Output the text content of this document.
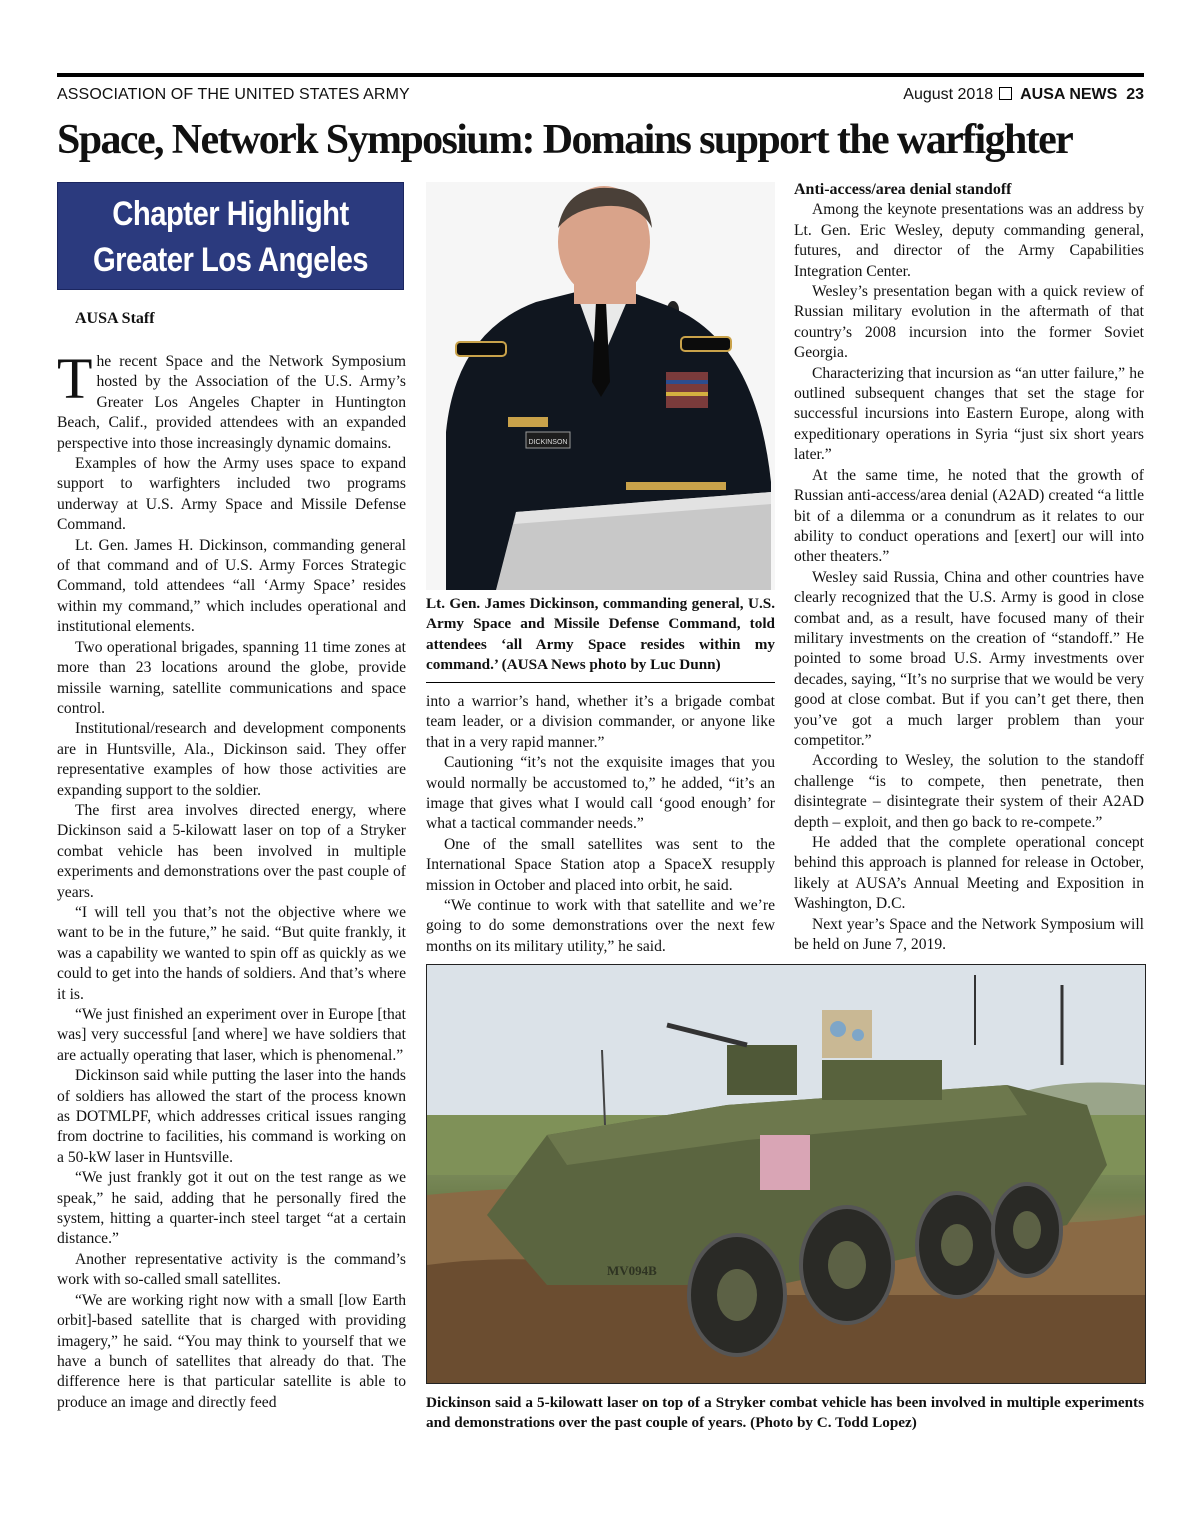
ASSOCIATION OF THE UNITED STATES ARMY	August 2018 AUSA NEWS 23
Space, Network Symposium: Domains support the warfighter
Chapter Highlight
Greater Los Angeles
AUSA Staff

The recent Space and the Network Symposium hosted by the Association of the U.S. Army’s Greater Los Angeles Chapter in Huntington Beach, Calif., provided attendees with an expanded perspective into those increasingly dynamic domains.

Examples of how the Army uses space to expand support to warfighters included two programs underway at U.S. Army Space and Missile Defense Command.

Lt. Gen. James H. Dickinson, commanding general of that command and of U.S. Army Forces Strategic Command, told attendees “all ‘Army Space’ resides within my command,” which includes operational and institutional elements.

Two operational brigades, spanning 11 time zones at more than 23 locations around the globe, provide missile warning, satellite communications and space control.

Institutional/research and development components are in Huntsville, Ala., Dickinson said. They offer representative examples of how those activities are expanding support to the soldier.

The first area involves directed energy, where Dickinson said a 5-kilowatt laser on top of a Stryker combat vehicle has been involved in multiple experiments and demonstrations over the past couple of years.

“I will tell you that’s not the objective where we want to be in the future,” he said. “But quite frankly, it was a capability we wanted to spin off as quickly as we could to get into the hands of soldiers. And that’s where it is.

“We just finished an experiment over in Europe [that was] very successful [and where] we have soldiers that are actually operating that laser, which is phenomenal.”

Dickinson said while putting the laser into the hands of soldiers has allowed the start of the process known as DOTMLPF, which addresses critical issues ranging from doctrine to facilities, his command is working on a 50-kW laser in Huntsville.

“We just frankly got it out on the test range as we speak,” he said, adding that he personally fired the system, hitting a quarter-inch steel target “at a certain distance.”

Another representative activity is the command’s work with so-called small satellites.

“We are working right now with a small [low Earth orbit]-based satellite that is charged with providing imagery,” he said. “You may think to yourself that we have a bunch of satellites that already do that. The difference here is that particular satellite is able to produce an image and directly feed

DICKINSON
Lt. Gen. James Dickinson, commanding general, U.S. Army Space and Missile Defense Command, told attendees ‘all Army Space resides within my command.’ (AUSA News photo by Luc Dunn)

into a warrior’s hand, whether it’s a brigade combat team leader, or a division commander, or anyone like that in a very rapid manner.”

Cautioning “it’s not the exquisite images that you would normally be accustomed to,” he added, “it’s an image that gives what I would call ‘good enough’ for what a tactical commander needs.”

One of the small satellites was sent to the International Space Station atop a SpaceX resupply mission in October and placed into orbit, he said.

“We continue to work with that satellite and we’re going to do some demonstrations over the next few months on its military utility,” he said.

Anti-access/area denial standoff

Among the keynote presentations was an address by Lt. Gen. Eric Wesley, deputy commanding general, futures, and director of the Army Capabilities Integration Center.

Wesley’s presentation began with a quick review of Russian military evolution in the aftermath of that country’s 2008 incursion into the former Soviet Georgia.

Characterizing that incursion as “an utter failure,” he outlined subsequent changes that set the stage for successful incursions into Eastern Europe, along with expeditionary operations in Syria “just six short years later.”

At the same time, he noted that the growth of Russian anti-access/area denial (A2AD) created “a little bit of a dilemma or a conundrum as it relates to our ability to conduct operations and [exert] our will into other theaters.”

Wesley said Russia, China and other countries have clearly recognized that the U.S. Army is good in close combat and, as a result, have focused many of their military investments on the creation of “standoff.” He pointed to some broad U.S. Army investments over decades, saying, “It’s no surprise that we would be very good at close combat. But if you can’t get there, then you’ve got a much larger problem than your competitor.”

According to Wesley, the solution to the standoff challenge “is to compete, then penetrate, then disintegrate – disintegrate their system of their A2AD depth – exploit, and then go back to re-compete.”

He added that the complete operational concept behind this approach is planned for release in October, likely at AUSA’s Annual Meeting and Exposition in Washington, D.C.

Next year’s Space and the Network Symposium will be held on June 7, 2019.

MV094B
Dickinson said a 5-kilowatt laser on top of a Stryker combat vehicle has been involved in multiple experiments and demonstrations over the past couple of years. (Photo by C. Todd Lopez)
